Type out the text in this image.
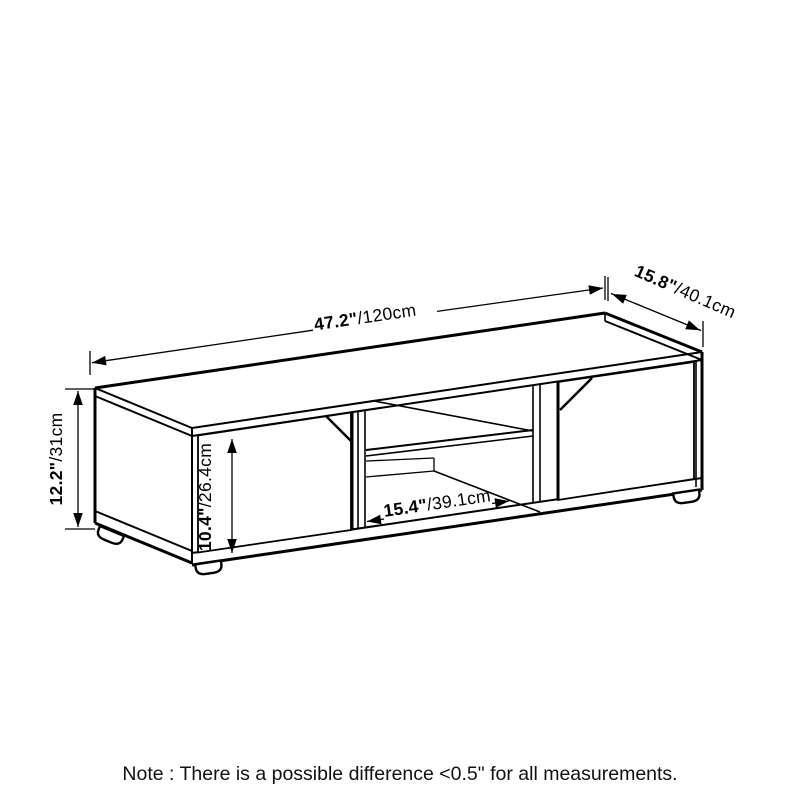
47.2"/120cm
15.8"/40.1cm
12.2"/31cm
10.4"/26.4cm
15.4"/39.1cm
Note : There is a possible difference <0.5" for all measurements.
